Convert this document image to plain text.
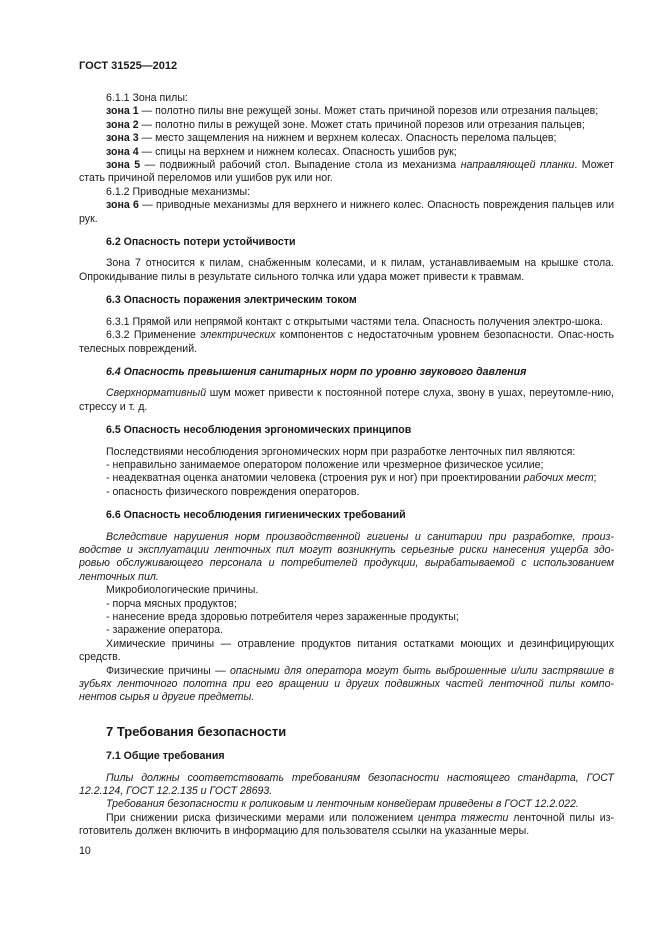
ГОСТ 31525—2012

6.1.1 Зона пилы:

зона 1 — полотно пилы вне режущей зоны. Может стать причиной порезов или отрезания пальцев;

зона 2 — полотно пилы в режущей зоне. Может стать причиной порезов или отрезания пальцев;

зона 3 — место защемления на нижнем и верхнем колесах. Опасность перелома пальцев;

зона 4 — спицы на верхнем и нижнем колесах. Опасность ушибов рук;

зона 5 — подвижный рабочий стол. Выпадение стола из механизма направляющей планки. Может стать причиной переломов или ушибов рук или ног.

6.1.2 Приводные механизмы:

зона 6 — приводные механизмы для верхнего и нижнего колес. Опасность повреждения пальцев или рук.

6.2 Опасность потери устойчивости

Зона 7 относится к пилам, снабженным колесами, и к пилам, устанавливаемым на крышке стола. Опрокидывание пилы в результате сильного толчка или удара может привести к травмам.

6.3 Опасность поражения электрическим током

6.3.1 Прямой или непрямой контакт с открытыми частями тела. Опасность получения электро-шока.

6.3.2 Применение электрических компонентов с недостаточным уровнем безопасности. Опас-ность телесных повреждений.

6.4 Опасность превышения санитарных норм по уровню звукового давления

Сверхнормативный шум может привести к постоянной потере слуха, звону в ушах, переутомле-нию, стрессу и т. д.

6.5 Опасность несоблюдения эргономических принципов

Последствиями несоблюдения эргономических норм при разработке ленточных пил являются:

- неправильно занимаемое оператором положение или чрезмерное физическое усилие;

- неадекватная оценка анатомии человека (строения рук и ног) при проектировании рабочих мест;

- опасность физического повреждения операторов.

6.6 Опасность несоблюдения гигиенических требований

Вследствие нарушения норм производственной гигиены и санитарии при разработке, произ-водстве и эксплуатации ленточных пил могут возникнуть серьезные риски нанесения ущерба здо-ровью обслуживающего персонала и потребителей продукции, вырабатываемой с использованием ленточных пил.

Микробиологические причины.

- порча мясных продуктов;

- нанесение вреда здоровью потребителя через зараженные продукты;

- заражение оператора.

Химические причины — отравление продуктов питания остатками моющих и дезинфицирующих средств.

Физические причины — опасными для оператора могут быть выброшенные и/или застрявшие в зубьях ленточного полотна при его вращении и других подвижных частей ленточной пилы компо-нентов сырья и другие предметы.

7 Требования безопасности

7.1 Общие требования

Пилы должны соответствовать требованиям безопасности настоящего стандарта, ГОСТ 12.2.124, ГОСТ 12.2.135 и ГОСТ 28693.

Требования безопасности к роликовым и ленточным конвейерам приведены в ГОСТ 12.2.022.

При снижении риска физическими мерами или положением центра тяжести ленточной пилы из-готовитель должен включить в информацию для пользователя ссылки на указанные меры.

10
